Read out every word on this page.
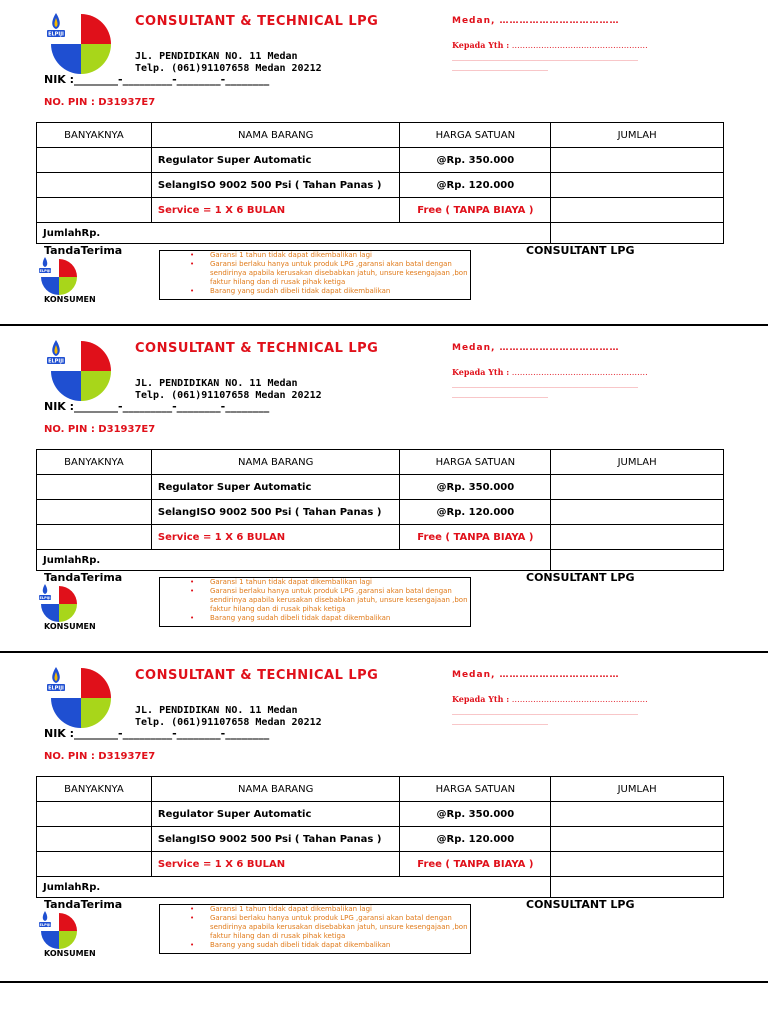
ELPIJI
CONSULTANT & TECHNICAL LPG
JL. PENDIDIKAN NO. 11 Medan
Telp. (061)91107658 Medan 20212
NIK :________-_________-________-________
NO. PIN : D31937E7
Medan, ………………………………
Kepada Yth : ……………………………………………
…………………………………………………………………………………
…………………………………………
BANYAKNYA	NAMA BARANG	HARGA SATUAN	JUMLAH
	Regulator Super Automatic	@Rp. 350.000	
	SelangISO 9002 500 Psi ( Tahan Panas )	@Rp. 120.000	
	Service = 1 X 6 BULAN	Free ( TANPA BIAYA )	
JumlahRp.			
TandaTerima
ELPIJI
KONSUMEN
• Garansi 1 tahun tidak dapat dikembalikan lagi
• Garansi berlaku hanya untuk produk LPG ,garansi akan batal dengan sendirinya apabila kerusakan disebabkan jatuh, unsure kesengajaan ,bon faktur hilang dan di rusak pihak ketiga
• Barang yang sudah dibeli tidak dapat dikembalikan
CONSULTANT LPG
ELPIJI
CONSULTANT & TECHNICAL LPG
JL. PENDIDIKAN NO. 11 Medan
Telp. (061)91107658 Medan 20212
NIK :________-_________-________-________
NO. PIN : D31937E7
Medan, ………………………………
Kepada Yth : ……………………………………………
…………………………………………………………………………………
…………………………………………
BANYAKNYA	NAMA BARANG	HARGA SATUAN	JUMLAH
	Regulator Super Automatic	@Rp. 350.000	
	SelangISO 9002 500 Psi ( Tahan Panas )	@Rp. 120.000	
	Service = 1 X 6 BULAN	Free ( TANPA BIAYA )	
JumlahRp.			
TandaTerima
ELPIJI
KONSUMEN
• Garansi 1 tahun tidak dapat dikembalikan lagi
• Garansi berlaku hanya untuk produk LPG ,garansi akan batal dengan sendirinya apabila kerusakan disebabkan jatuh, unsure kesengajaan ,bon faktur hilang dan di rusak pihak ketiga
• Barang yang sudah dibeli tidak dapat dikembalikan
CONSULTANT LPG
ELPIJI
CONSULTANT & TECHNICAL LPG
JL. PENDIDIKAN NO. 11 Medan
Telp. (061)91107658 Medan 20212
NIK :________-_________-________-________
NO. PIN : D31937E7
Medan, ………………………………
Kepada Yth : ……………………………………………
…………………………………………………………………………………
…………………………………………
BANYAKNYA	NAMA BARANG	HARGA SATUAN	JUMLAH
	Regulator Super Automatic	@Rp. 350.000	
	SelangISO 9002 500 Psi ( Tahan Panas )	@Rp. 120.000	
	Service = 1 X 6 BULAN	Free ( TANPA BIAYA )	
JumlahRp.			
TandaTerima
ELPIJI
KONSUMEN
• Garansi 1 tahun tidak dapat dikembalikan lagi
• Garansi berlaku hanya untuk produk LPG ,garansi akan batal dengan sendirinya apabila kerusakan disebabkan jatuh, unsure kesengajaan ,bon faktur hilang dan di rusak pihak ketiga
• Barang yang sudah dibeli tidak dapat dikembalikan
CONSULTANT LPG
